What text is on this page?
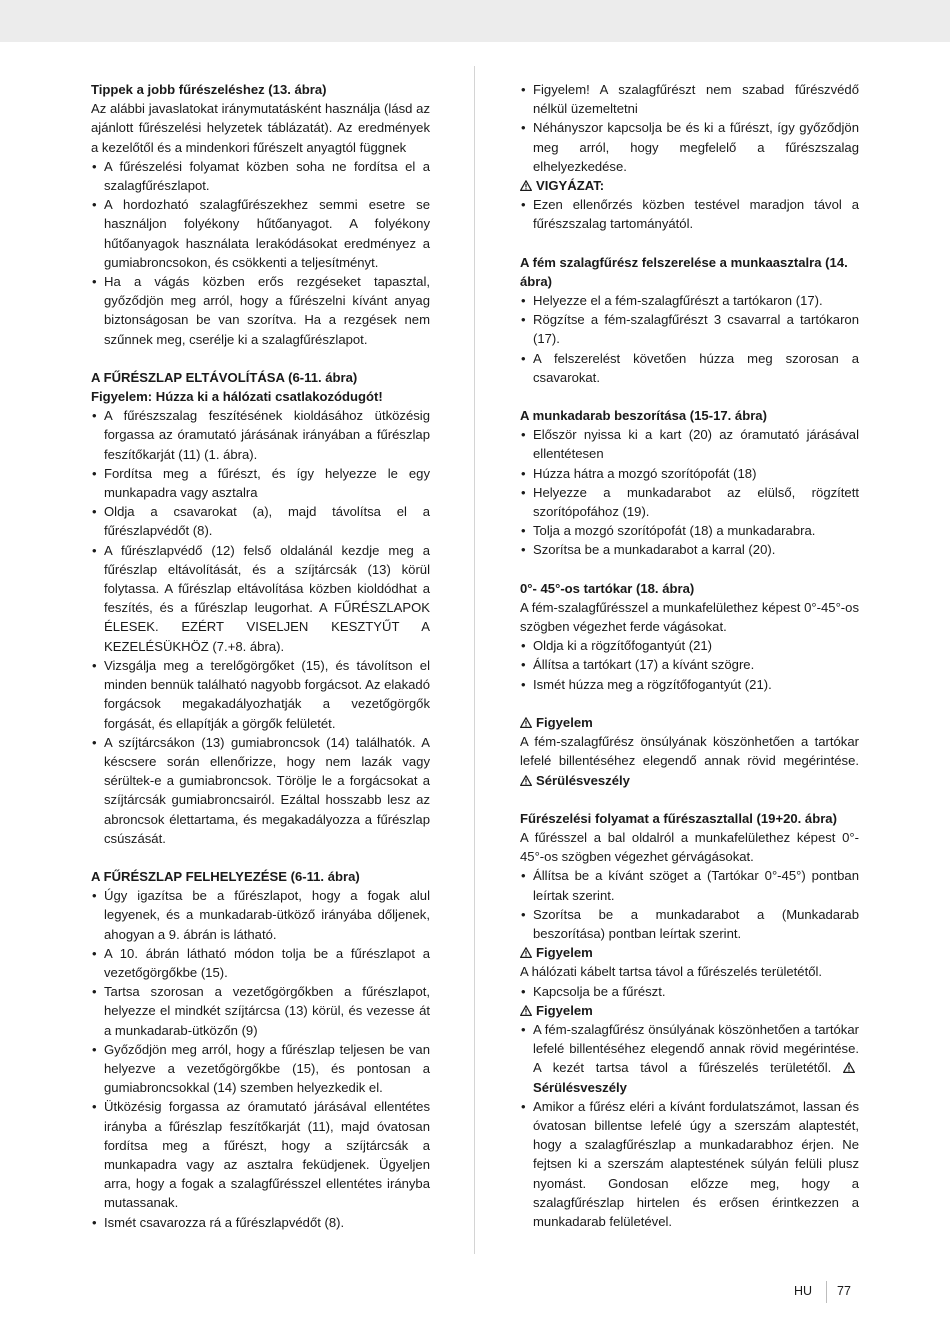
Tippek a jobb fűrészeléshez (13. ábra)

Az alábbi javaslatokat iránymutatásként használja (lásd az ajánlott fűrészelési helyzetek táblázatát). Az eredmények a kezelőtől és a mindenkori fűrészelt anyagtól függnek

• A fűrészelési folyamat közben soha ne fordítsa el a szalagfűrészlapot.
• A hordozható szalagfűrészekhez semmi esetre se használjon folyékony hűtőanyagot. A folyékony hűtőanyagok használata lerakódásokat eredményez a gumiabroncsokon, és csökkenti a teljesítményt.
• Ha a vágás közben erős rezgéseket tapasztal, győződjön meg arról, hogy a fűrészelni kívánt anyag biztonságosan be van szorítva. Ha a rezgések nem szűnnek meg, cserélje ki a szalagfűrészlapot.

A FŰRÉSZLAP ELTÁVOLÍTÁSA (6-11. ábra)

Figyelem: Húzza ki a hálózati csatlakozódugót!

• A fűrészszalag feszítésének kioldásához ütközésig forgassa az óramutató járásának irányában a fűrészlap feszítőkarját (11) (1. ábra).
• Fordítsa meg a fűrészt, és így helyezze le egy munkapadra vagy asztalra
• Oldja a csavarokat (a), majd távolítsa el a fűrészlapvédőt (8).
• A fűrészlapvédő (12) felső oldalánál kezdje meg a fűrészlap eltávolítását, és a szíjtárcsák (13) körül folytassa. A fűrészlap eltávolítása közben kioldódhat a feszítés, és a fűrészlap leugorhat. A FŰRÉSZLAPOK ÉLESEK. EZÉRT VISELJEN KESZTYŰT A KEZELÉSÜKHÖZ (7.+8. ábra).
• Vizsgálja meg a terelőgörgőket (15), és távolítson el minden bennük található nagyobb forgácsot. Az elakadó forgácsok megakadályozhatják a vezetőgörgők forgását, és ellapítják a görgők felületét.
• A szíjtárcsákon (13) gumiabroncsok (14) találhatók. A késcsere során ellenőrizze, hogy nem lazák vagy sérültek-e a gumiabroncsok. Törölje le a forgácsokat a szíjtárcsák gumiabroncsairól. Ezáltal hosszabb lesz az abroncsok élettartama, és megakadályozza a fűrészlap csúszását.

A FŰRÉSZLAP FELHELYEZÉSE (6-11. ábra)

• Úgy igazítsa be a fűrészlapot, hogy a fogak alul legyenek, és a munkadarab-ütköző irányába dőljenek, ahogyan a 9. ábrán is látható.
• A 10. ábrán látható módon tolja be a fűrészlapot a vezetőgörgőkbe (15).
• Tartsa szorosan a vezetőgörgőkben a fűrészlapot, helyezze el mindkét szíjtárcsa (13) körül, és vezesse át a munkadarab-ütközőn (9)
• Győződjön meg arról, hogy a fűrészlap teljesen be van helyezve a vezetőgörgőkbe (15), és pontosan a gumiabroncsokkal (14) szemben helyezkedik el.
• Ütközésig forgassa az óramutató járásával ellentétes irányba a fűrészlap feszítőkarját (11), majd óvatosan fordítsa meg a fűrészt, hogy a szíjtárcsák a munkapadra vagy az asztalra feküdjenek. Ügyeljen arra, hogy a fogak a szalagfűrésszel ellentétes irányba mutassanak.
• Ismét csavarozza rá a fűrészlapvédőt (8).
• Figyelem! A szalagfűrészt nem szabad fűrészvédő nélkül üzemeltetni
• Néhányszor kapcsolja be és ki a fűrészt, így győződjön meg arról, hogy megfelelő a fűrészszalag elhelyezkedése.

VIGYÁZAT:

• Ezen ellenőrzés közben testével maradjon távol a fűrészszalag tartományától.

A fém szalagfűrész felszerelése a munkaasztalra (14. ábra)

• Helyezze el a fém-szalagfűrészt a tartókaron (17).
• Rögzítse a fém-szalagfűrészt 3 csavarral a tartókaron (17).
• A felszerelést követően húzza meg szorosan a csavarokat.

A munkadarab beszorítása (15-17. ábra)

• Először nyissa ki a kart (20) az óramutató járásával ellentétesen
• Húzza hátra a mozgó szorítópofát (18)
• Helyezze a munkadarabot az elülső, rögzített szorítópofához (19).
• Tolja a mozgó szorítópofát (18) a munkadarabra.
• Szorítsa be a munkadarabot a karral (20).

0°- 45°-os tartókar (18. ábra)

A fém-szalagfűrésszel a munkafelülethez képest 0°-45°-os szögben végezhet ferde vágásokat.

• Oldja ki a rögzítőfogantyút (21)
• Állítsa a tartókart (17) a kívánt szögre.
• Ismét húzza meg a rögzítőfogantyút (21).

Figyelem

A fém-szalagfűrész önsúlyának köszönhetően a tartókar lefelé billentéséhez elegendő annak rövid megérintése.
Sérülésveszély

Fűrészelési folyamat a fűrészasztallal (19+20. ábra)

A fűrésszel a bal oldalról a munkafelülethez képest 0°- 45°-os szögben végezhet gérvágásokat.

• Állítsa be a kívánt szöget a (Tartókar 0°-45°) pontban leírtak szerint.
• Szorítsa be a munkadarabot a (Munkadarab beszorítása) pontban leírtak szerint.

Figyelem

A hálózati kábelt tartsa távol a fűrészelés területétől.

• Kapcsolja be a fűrészt.

Figyelem

• A fém-szalagfűrész önsúlyának köszönhetően a tartókar lefelé billentéséhez elegendő annak rövid megérintése. A kezét tartsa távol a fűrészelés területétől.
Sérülésveszély
• Amikor a fűrész eléri a kívánt fordulatszámot, lassan és óvatosan billentse lefelé úgy a szerszám alaptestét, hogy a szalagfűrészlap a munkadarabhoz érjen. Ne fejtsen ki a szerszám alaptestének súlyán felüli plusz nyomást. Gondosan előzze meg, hogy a szalagfűrészlap hirtelen és erősen érintkezzen a munkadarab felületével.
HU 77
